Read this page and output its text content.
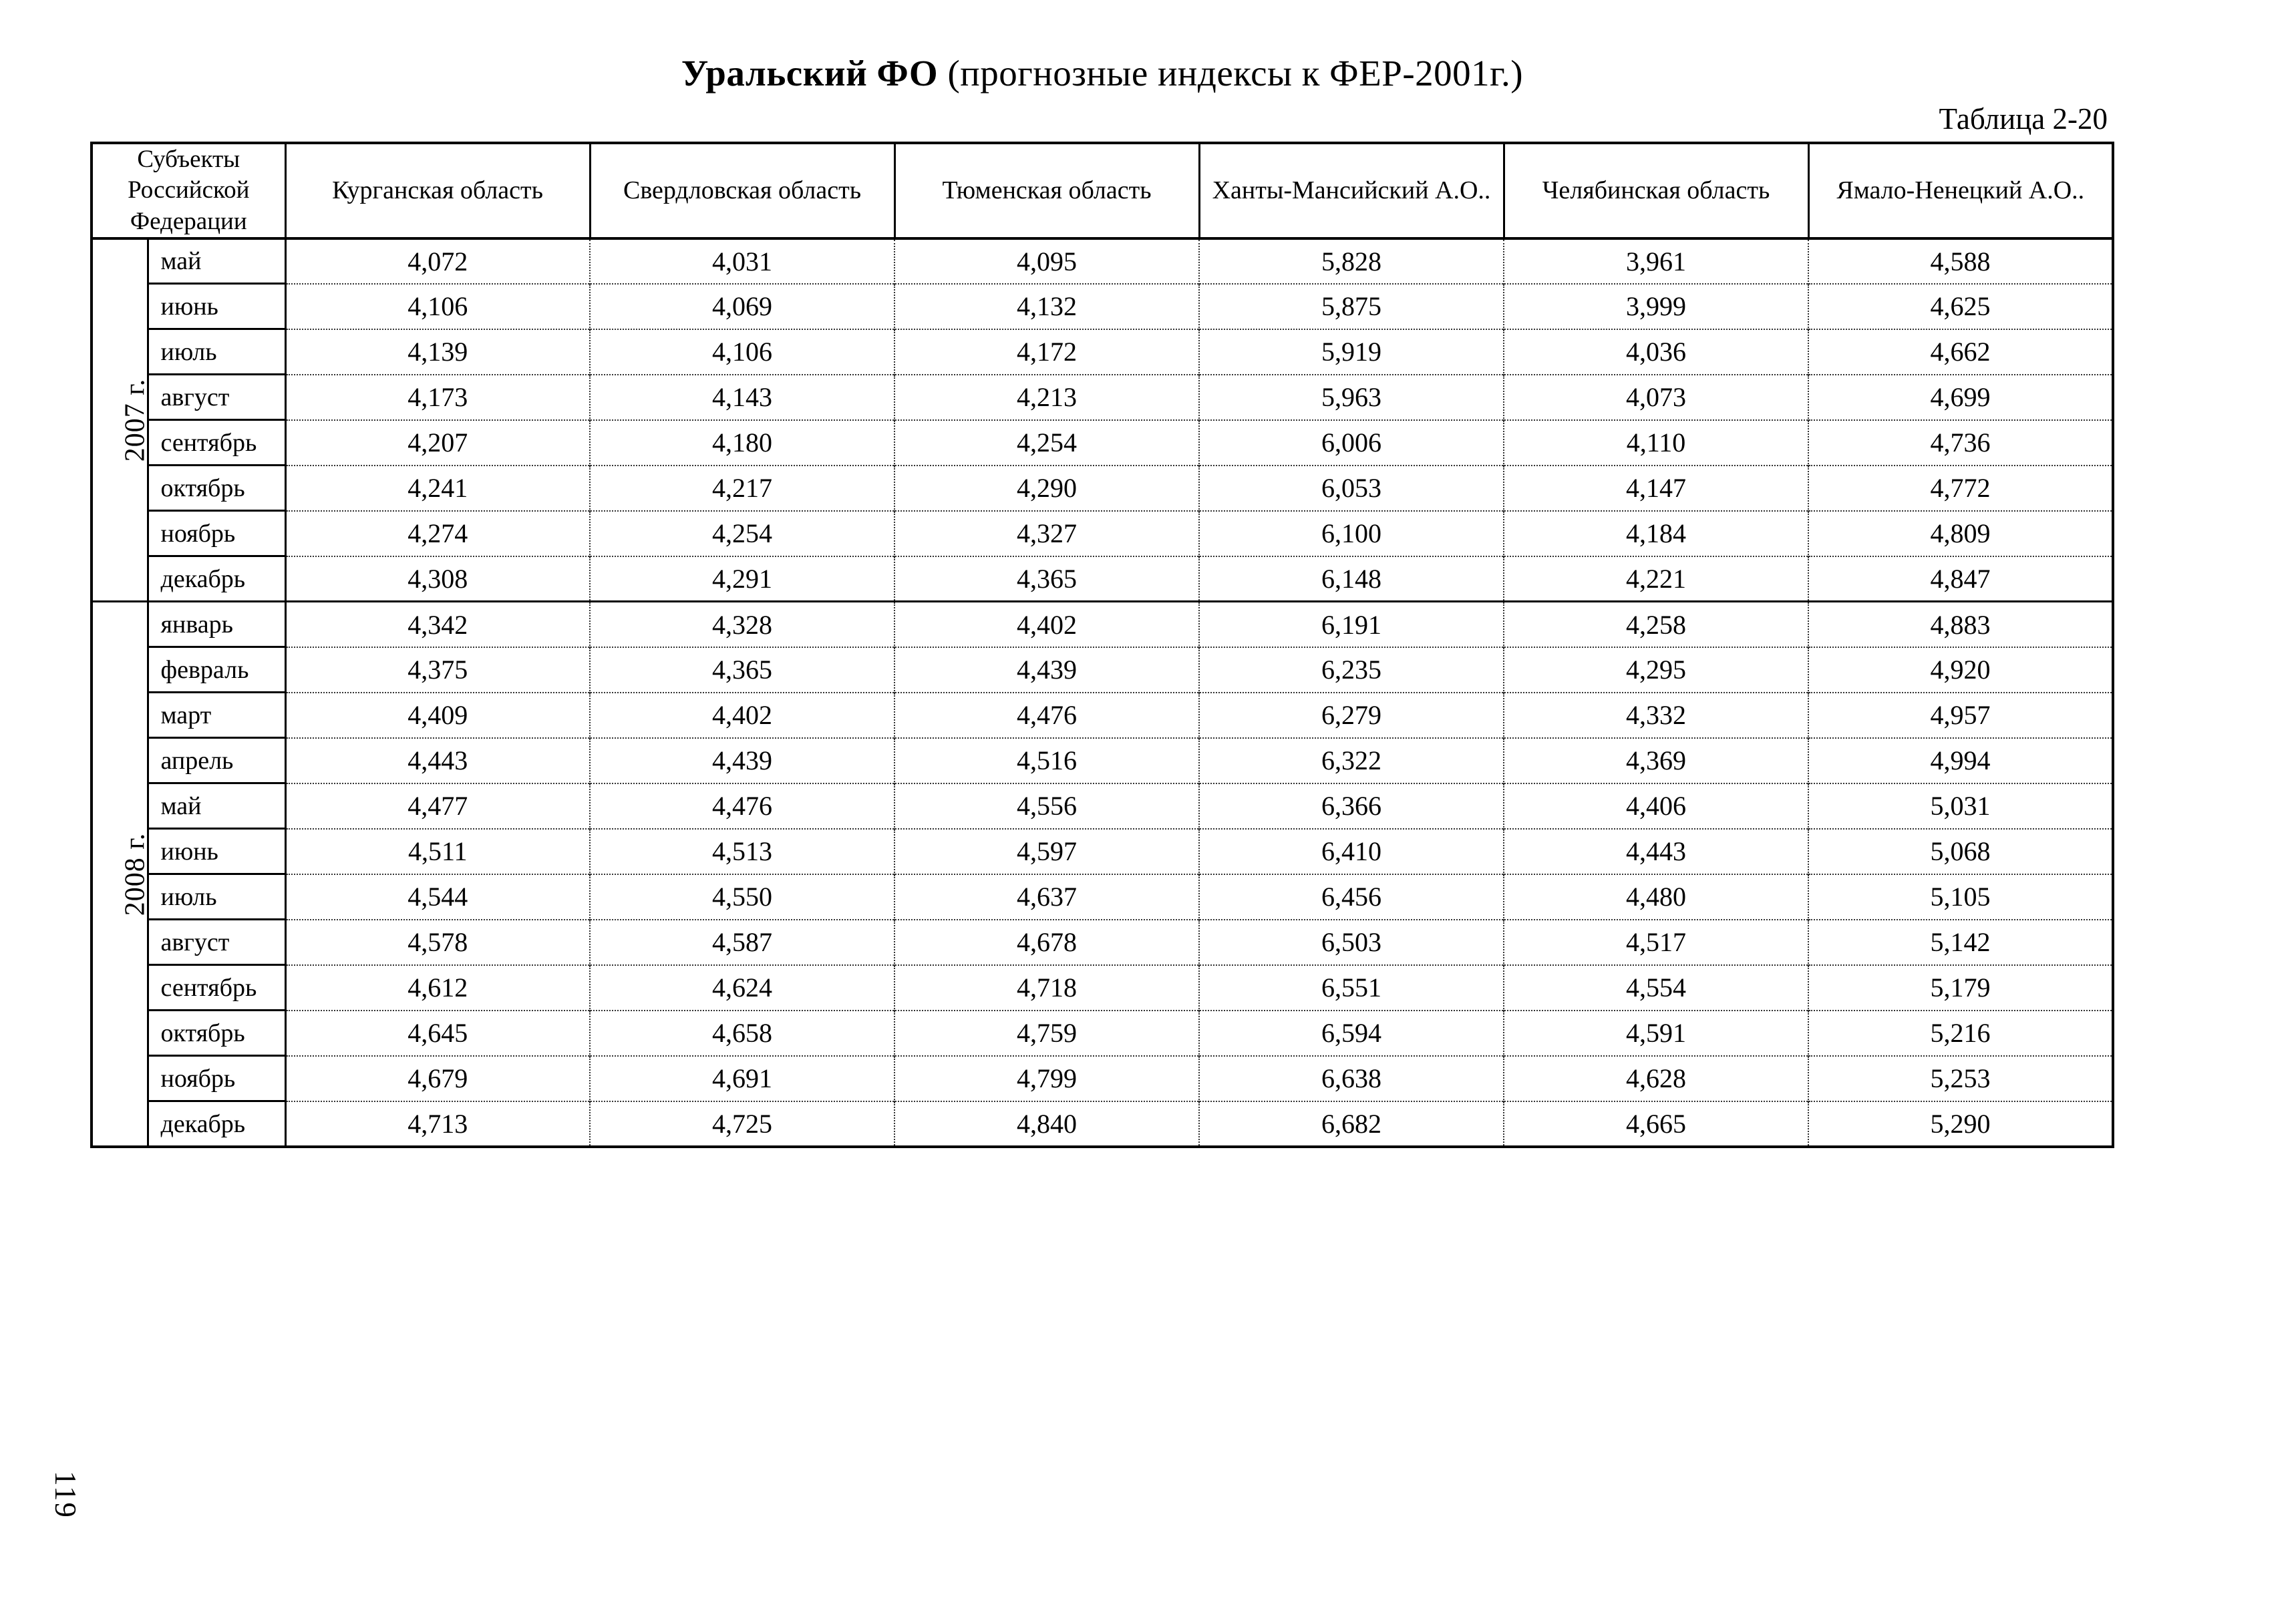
Уральский ФО (прогнозные индексы к ФЕР-2001г.)
Таблица 2-20
Субъекты Российской Федерации		Курганская область	Свердловская область	Тюменская область	Ханты-Мансийский А.О..	Челябинская область	Ямало-Ненецкий А.О..
2007 г.	май	4,072	4,031	4,095	5,828	3,961	4,588
	июнь	4,106	4,069	4,132	5,875	3,999	4,625
	июль	4,139	4,106	4,172	5,919	4,036	4,662
	август	4,173	4,143	4,213	5,963	4,073	4,699
	сентябрь	4,207	4,180	4,254	6,006	4,110	4,736
	октябрь	4,241	4,217	4,290	6,053	4,147	4,772
	ноябрь	4,274	4,254	4,327	6,100	4,184	4,809
	декабрь	4,308	4,291	4,365	6,148	4,221	4,847
2008 г.	январь	4,342	4,328	4,402	6,191	4,258	4,883
	февраль	4,375	4,365	4,439	6,235	4,295	4,920
	март	4,409	4,402	4,476	6,279	4,332	4,957
	апрель	4,443	4,439	4,516	6,322	4,369	4,994
	май	4,477	4,476	4,556	6,366	4,406	5,031
	июнь	4,511	4,513	4,597	6,410	4,443	5,068
	июль	4,544	4,550	4,637	6,456	4,480	5,105
	август	4,578	4,587	4,678	6,503	4,517	5,142
	сентябрь	4,612	4,624	4,718	6,551	4,554	5,179
	октябрь	4,645	4,658	4,759	6,594	4,591	5,216
	ноябрь	4,679	4,691	4,799	6,638	4,628	5,253
	декабрь	4,713	4,725	4,840	6,682	4,665	5,290
119
